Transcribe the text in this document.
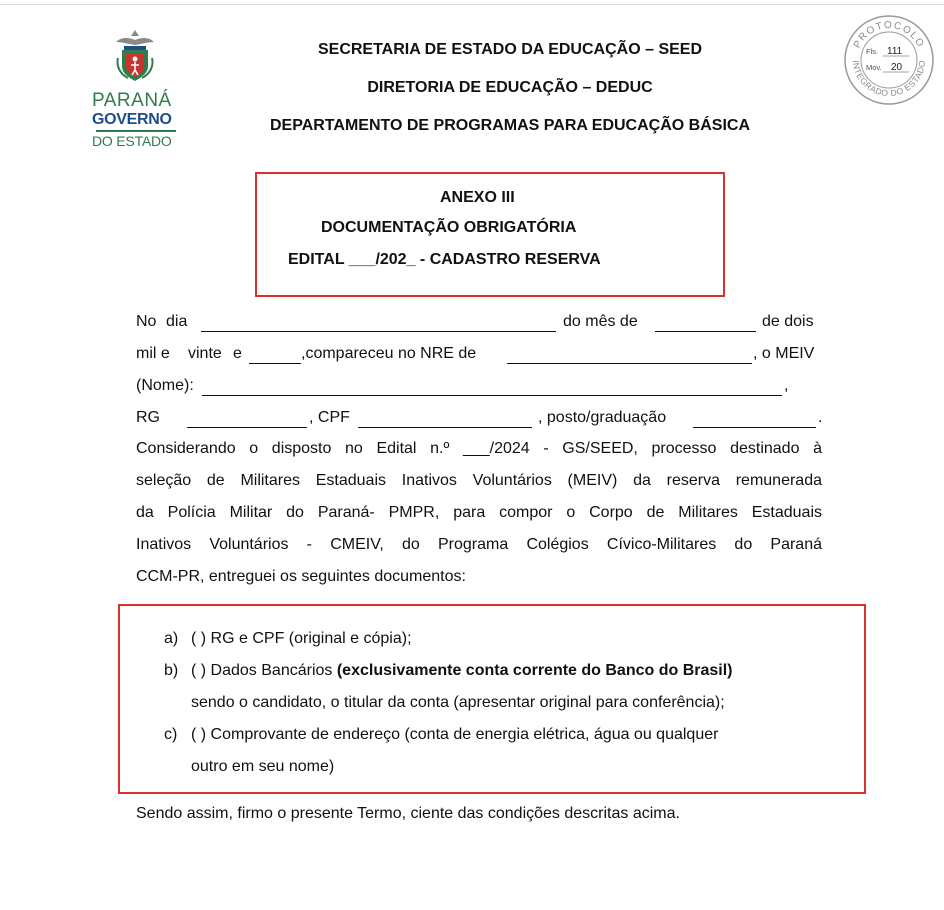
PARANÁ
GOVERNO
DO ESTADO
PROTOCOLO
INTEGRADO DO ESTADO
Fls. 111
Mov. 20
SECRETARIA DE ESTADO DA EDUCAÇÃO – SEED
DIRETORIA DE EDUCAÇÃO – DEDUC
DEPARTAMENTO DE PROGRAMAS PARA EDUCAÇÃO BÁSICA
ANEXO III
DOCUMENTAÇÃO OBRIGATÓRIA
EDITAL ___/202_ - CADASTRO RESERVA
No dia	do mês de	de dois
mil e vinte e	,compareceu no NRE de	, o MEIV
(Nome):	,
RG	, CPF	, posto/graduação	.
Considerando o disposto no Edital n.º ___/2024 - GS/SEED, processo destinado à
seleção de Militares Estaduais Inativos Voluntários (MEIV) da reserva remunerada
da Polícia Militar do Paraná- PMPR, para compor o Corpo de Militares Estaduais
Inativos Voluntários - CMEIV, do Programa Colégios Cívico-Militares do Paraná
CCM-PR, entreguei os seguintes documentos:
a) ( ) RG e CPF (original e cópia);
b) ( ) Dados Bancários (exclusivamente conta corrente do Banco do Brasil)
sendo o candidato, o titular da conta (apresentar original para conferência);
c) ( ) Comprovante de endereço (conta de energia elétrica, água ou qualquer
outro em seu nome)
Sendo assim, firmo o presente Termo, ciente das condições descritas acima.
